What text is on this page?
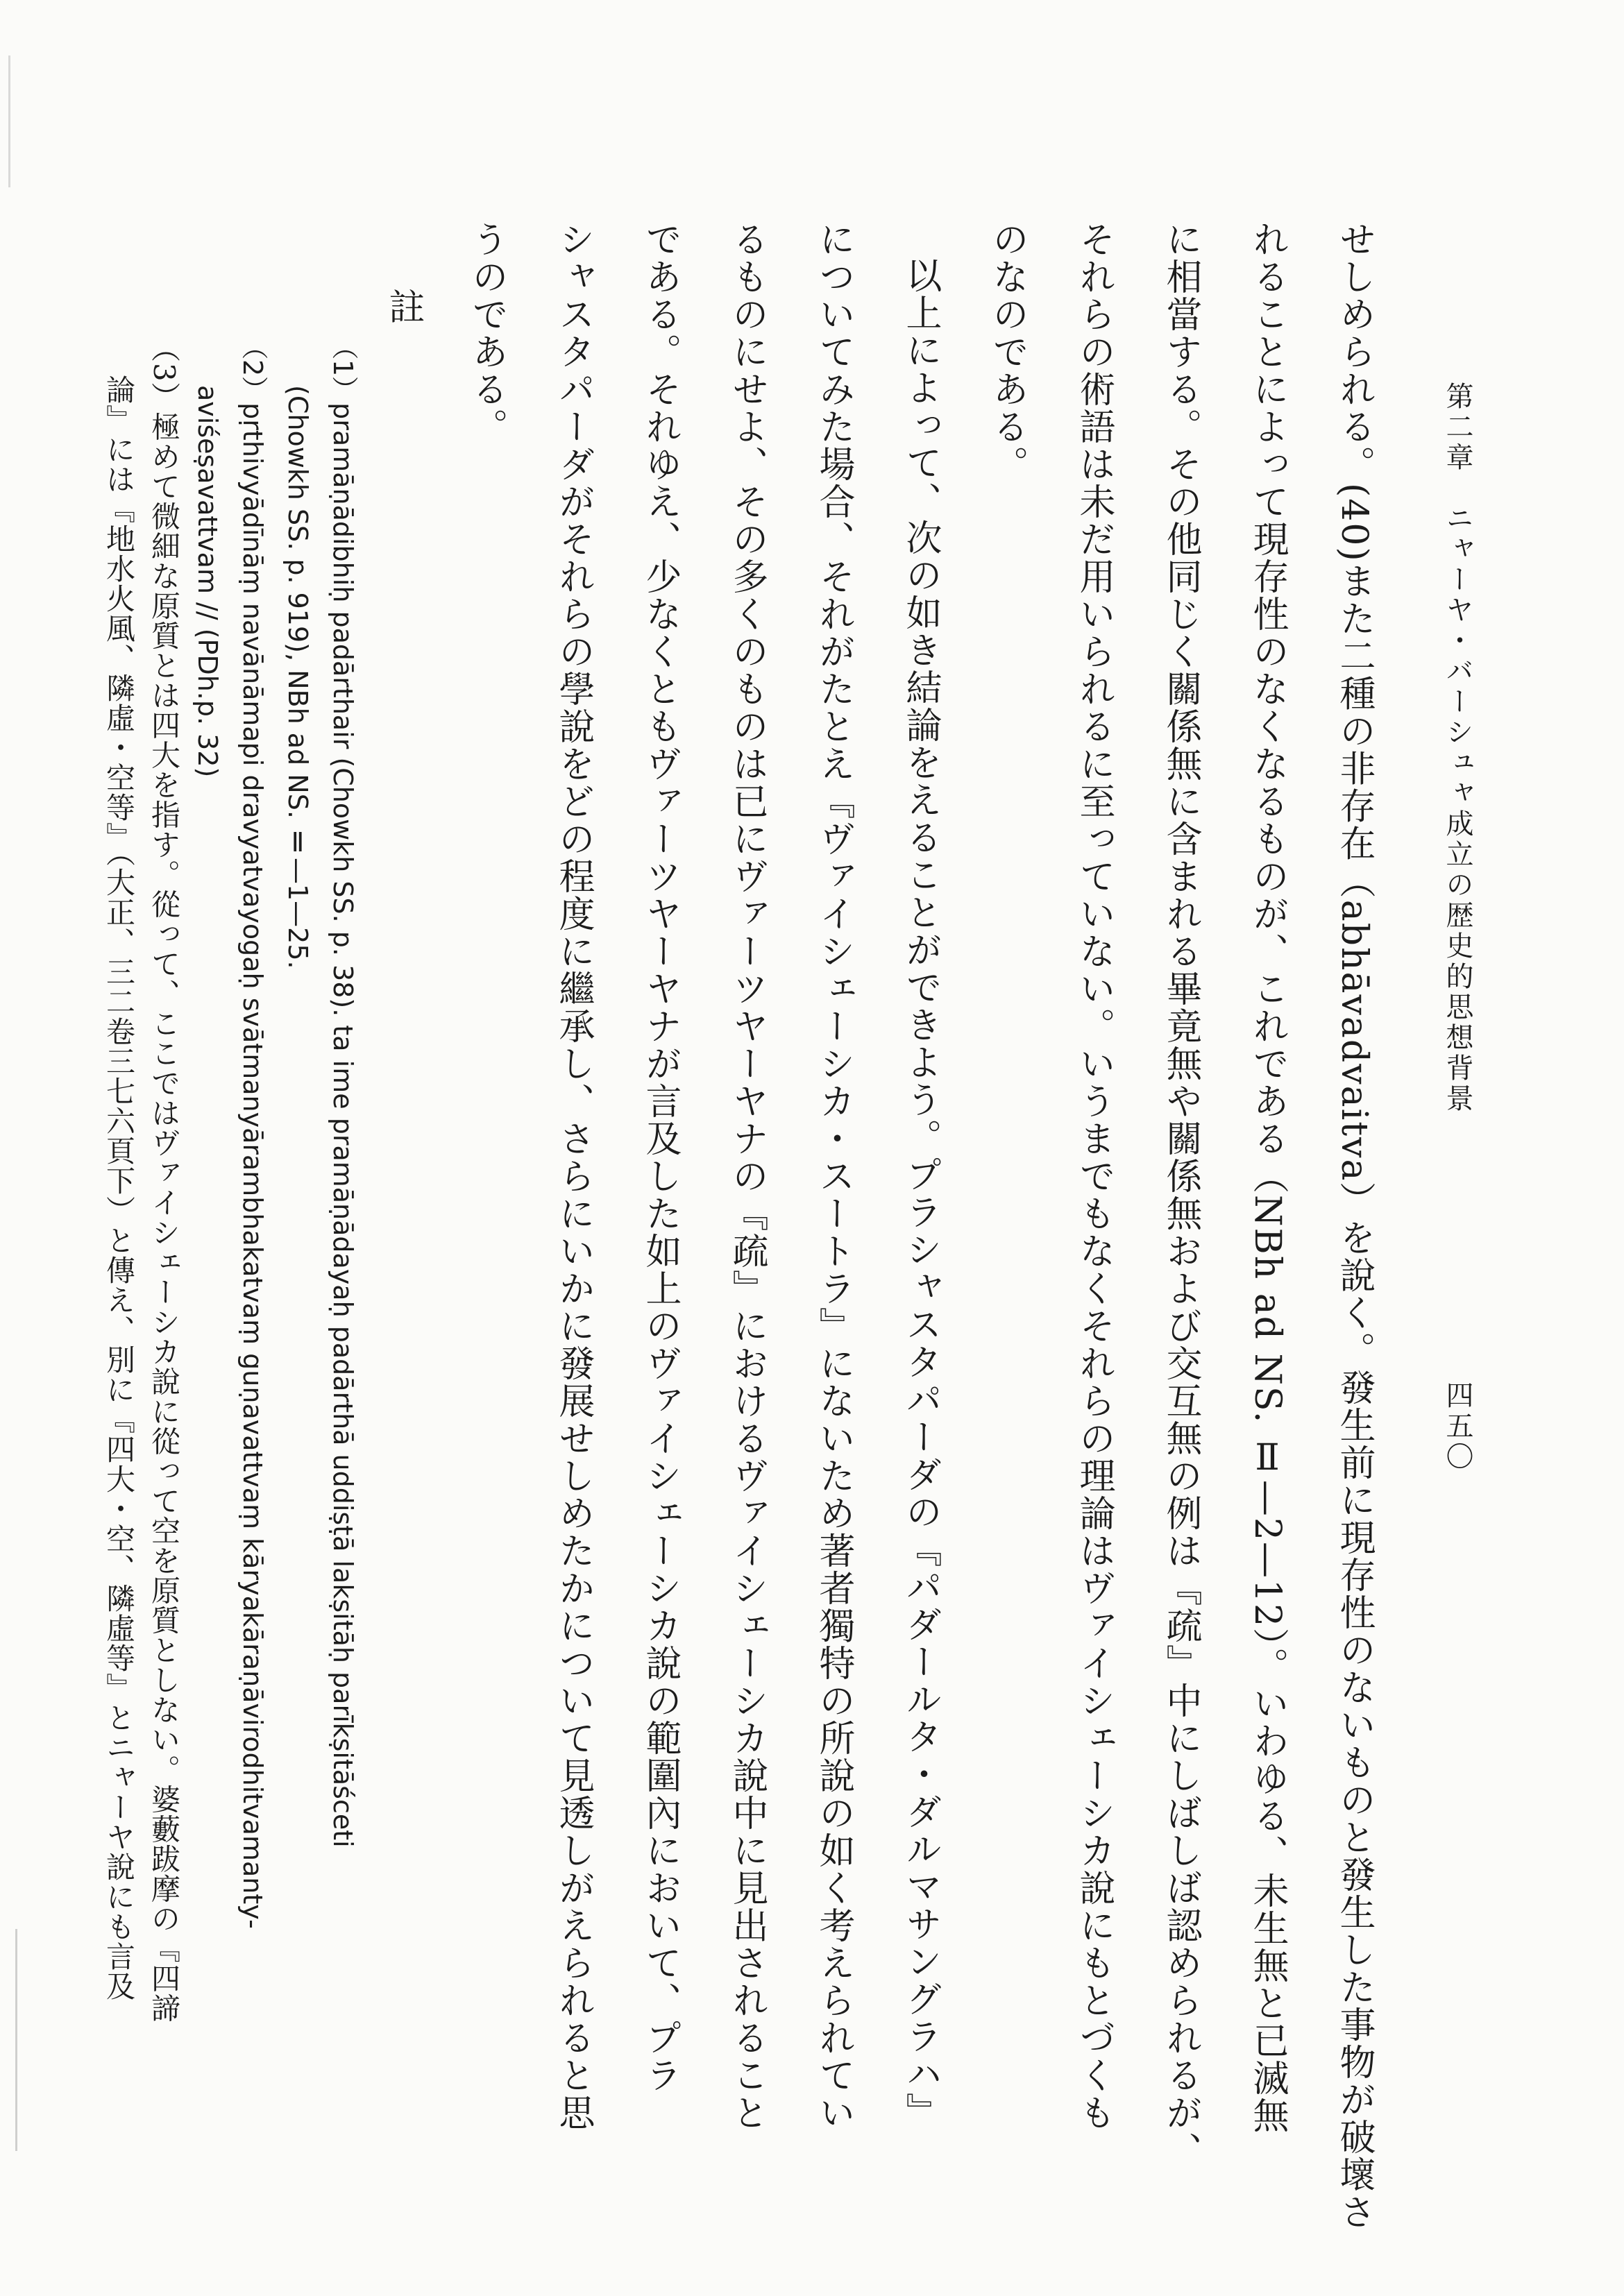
四五〇
第二章　ニャーヤ・バーシュャ成立の歴史的思想背景
せしめられる。(40)また二種の非存在（abhāvadvaitva）を說く。發生前に現存性のないものと發生した事物が破壞さ
れることによって現存性のなくなるものが、これである（NBh ad NS. Ⅱ—2—12）。いわゆる、未生無と已滅無
に相當する。その他同じく關係無に含まれる畢竟無や關係無および交互無の例は『疏』中にしばしば認められるが、
それらの術語は未だ用いられるに至っていない。いうまでもなくそれらの理論はヴァイシェーシカ說にもとづくも
のなのである。
以上によって、次の如き結論をえることができよう。プラシャスタパーダの『パダールタ・ダルマサングラハ』
についてみた場合、それがたとえ『ヴァイシェーシカ・スートラ』にないため著者獨特の所說の如く考えられてい
るものにせよ、その多くのものは已にヴァーツヤーヤナの『疏』におけるヴァイシェーシカ說中に見出されること
である。それゆえ、少なくともヴァーツヤーヤナが言及した如上のヴァイシェーシカ說の範圍內において、プラ
シャスタパーダがそれらの學說をどの程度に繼承し、さらにいかに發展せしめたかについて見透しがえられると思
うのである。
註
（1）pramāṇādibhiḥ padārthair (Chowkh SS. p. 38). ta ime pramāṇādayaḥ padārthā uddiṣṭā lakṣitāḥ parīkṣitāśceti
(Chowkh SS. p. 919), NBh ad NS. Ⅱ—1—25.
（2）pṛthivyādīnāṃ navānāmapi dravyatvayogaḥ svātmanyārambhakatvaṃ guṇavattvaṃ kāryakāraṇāvirodhitvamanty-
aviśeṣavattvam // (PDh.p. 32)
（3）極めて微細な原質とは四大を指す。從って、ここではヴァイシェーシカ說に從って空を原質としない。婆藪跋摩の『四諦
論』には『地水火風、隣虛・空等』（大正、三二卷三七六頁下）と傳え、別に『四大・空、隣虛等』とニャーヤ說にも言及
